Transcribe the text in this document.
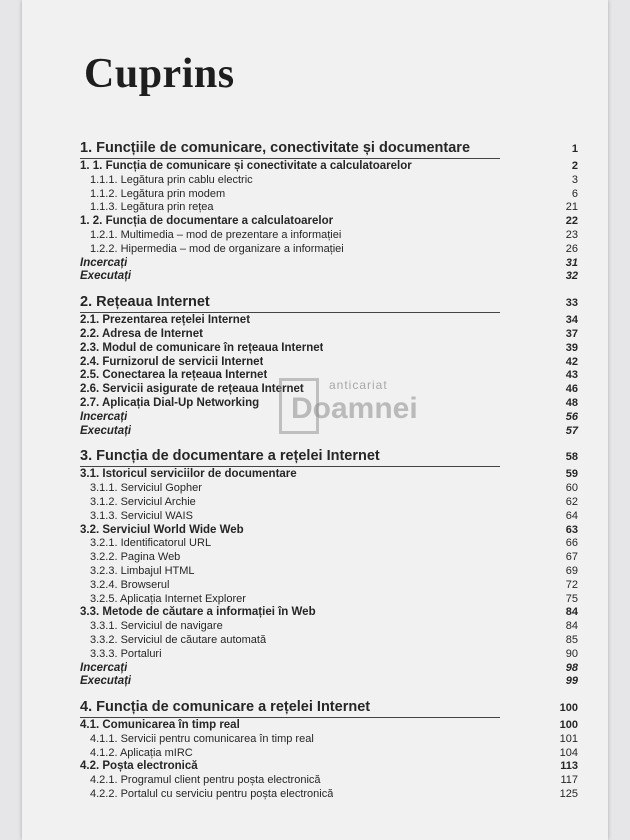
Cuprins
1. Funcțiile de comunicare, conectivitate și documentare	1
1. 1. Funcția de comunicare și conectivitate a calculatoarelor	2
1.1.1. Legătura prin cablu electric	3
1.1.2. Legătura prin modem	6
1.1.3. Legătura prin rețea	21
1. 2. Funcția de documentare a calculatoarelor	22
1.2.1. Multimedia – mod de prezentare a informației	23
1.2.2. Hipermedia – mod de organizare a informației	26
Încercați	31
Executați	32
2. Rețeaua Internet	33
2.1. Prezentarea rețelei Internet	34
2.2. Adresa de Internet	37
2.3. Modul de comunicare în rețeaua Internet	39
2.4. Furnizorul de servicii Internet	42
2.5. Conectarea la rețeaua Internet	43
2.6. Servicii asigurate de rețeaua Internet	46
2.7. Aplicația Dial-Up Networking	48
Încercați	56
Executați	57
3. Funcția de documentare a rețelei Internet	58
3.1. Istoricul serviciilor de documentare	59
3.1.1. Serviciul Gopher	60
3.1.2. Serviciul Archie	62
3.1.3. Serviciul WAIS	64
3.2. Serviciul World Wide Web	63
3.2.1. Identificatorul URL	66
3.2.2. Pagina Web	67
3.2.3. Limbajul HTML	69
3.2.4. Browserul	72
3.2.5. Aplicația Internet Explorer	75
3.3. Metode de căutare a informației în Web	84
3.3.1. Serviciul de navigare	84
3.3.2. Serviciul de căutare automată	85
3.3.3. Portaluri	90
Încercați	98
Executați	99
4. Funcția de comunicare a rețelei Internet	100
4.1. Comunicarea în timp real	100
4.1.1. Servicii pentru comunicarea în timp real	101
4.1.2. Aplicația mIRC	104
4.2. Poșta electronică	113
4.2.1. Programul client pentru poșta electronică	117
4.2.2. Portalul cu serviciu pentru poșta electronică	125
anticariat
Doamnei
